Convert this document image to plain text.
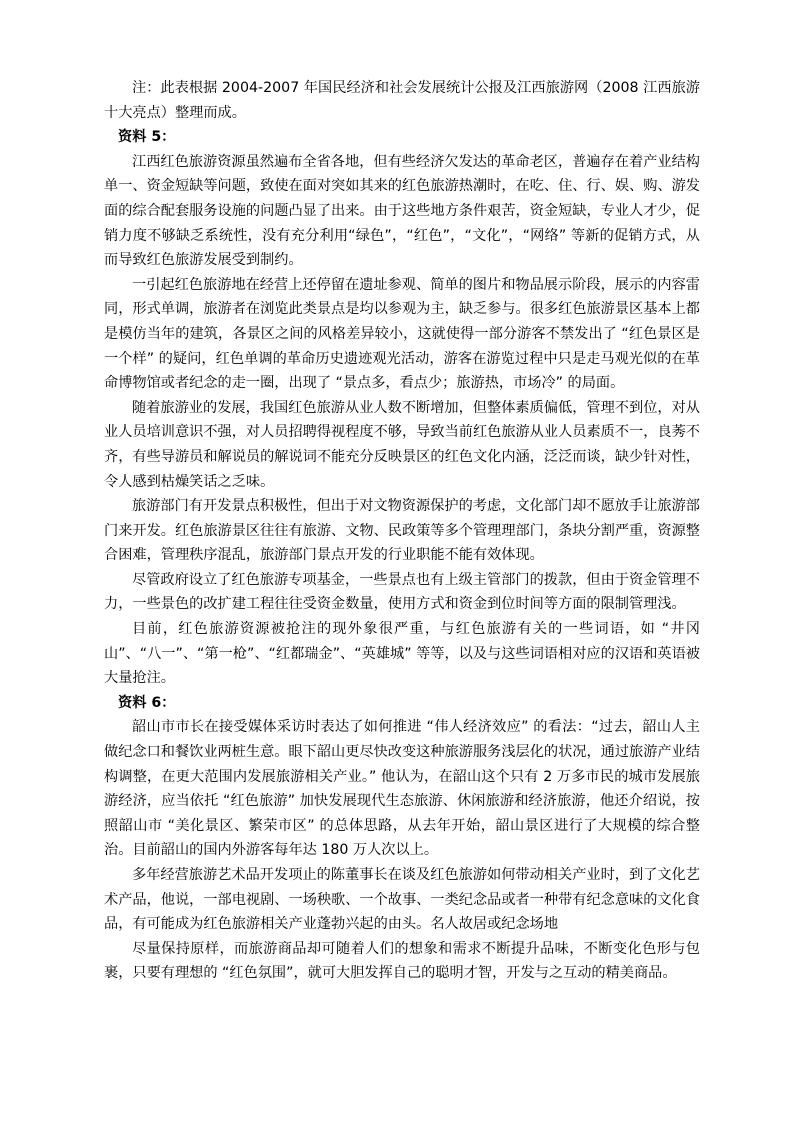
注：此表根据 2004-2007 年国民经济和社会发展统计公报及江西旅游网（2008 江西旅游十大亮点）整理而成。

资料 5：

江西红色旅游资源虽然遍布全省各地，但有些经济欠发达的革命老区，普遍存在着产业结构单一、资金短缺等问题，致使在面对突如其来的红色旅游热潮时，在吃、住、行、娱、购、游发面的综合配套服务设施的问题凸显了出来。由于这些地方条件艰苦，资金短缺，专业人才少，促销力度不够缺乏系统性，没有充分利用“绿色”，“红色”，“文化”，“网络” 等新的促销方式，从而导致红色旅游发展受到制约。

一引起红色旅游地在经营上还停留在遗址参观、简单的图片和物品展示阶段，展示的内容雷同，形式单调，旅游者在浏览此类景点是均以参观为主，缺乏参与。很多红色旅游景区基本上都是模仿当年的建筑，各景区之间的风格差异较小，这就使得一部分游客不禁发出了 “红色景区是一个样” 的疑问，红色单调的革命历史遗迹观光活动，游客在游览过程中只是走马观光似的在革命博物馆或者纪念的走一圈，出现了 “景点多，看点少；旅游热，市场冷” 的局面。

随着旅游业的发展，我国红色旅游从业人数不断增加，但整体素质偏低，管理不到位，对从业人员培训意识不强，对人员招聘得视程度不够，导致当前红色旅游从业人员素质不一，良莠不齐，有些导游员和解说员的解说词不能充分反映景区的红色文化内涵，泛泛而谈，缺少针对性，令人感到枯燥笑话之乏味。

旅游部门有开发景点积极性，但出于对文物资源保护的考虑，文化部门却不愿放手让旅游部门来开发。红色旅游景区往往有旅游、文物、民政策等多个管理理部门，条块分割严重，资源整合困难，管理秩序混乱，旅游部门景点开发的行业职能不能有效体现。

尽管政府设立了红色旅游专项基金，一些景点也有上级主管部门的拨款，但由于资金管理不力，一些景色的改扩建工程往往受资金数量，使用方式和资金到位时间等方面的限制管理浅。

目前，红色旅游资源被抢注的现外象很严重，与红色旅游有关的一些词语，如 “井冈山”、“八一”、“第一枪”、“红都瑞金”、“英雄城” 等等，以及与这些词语相对应的汉语和英语被大量抢注。

资料 6：

韶山市市长在接受媒体采访时表达了如何推进 “伟人经济效应” 的看法：“过去，韶山人主做纪念口和餐饮业两桩生意。眼下韶山更尽快改变这种旅游服务浅层化的状况，通过旅游产业结构调整，在更大范围内发展旅游相关产业。” 他认为，在韶山这个只有 2 万多市民的城市发展旅游经济，应当依托 “红色旅游” 加快发展现代生态旅游、休闲旅游和经济旅游，他还介绍说，按照韶山市 “美化景区、繁荣市区” 的总体思路，从去年开始，韶山景区进行了大规模的综合整治。目前韶山的国内外游客每年达 180 万人次以上。

多年经营旅游艺术品开发项止的陈董事长在谈及红色旅游如何带动相关产业时，到了文化艺术产品，他说，一部电视剧、一场秧歌、一个故事、一类纪念品或者一种带有纪念意味的文化食品，有可能成为红色旅游相关产业蓬勃兴起的由头。名人故居或纪念场地

尽量保持原样，而旅游商品却可随着人们的想象和需求不断提升品味，不断变化色形与包裹，只要有理想的 “红色氛围”，就可大胆发挥自己的聪明才智，开发与之互动的精美商品。
